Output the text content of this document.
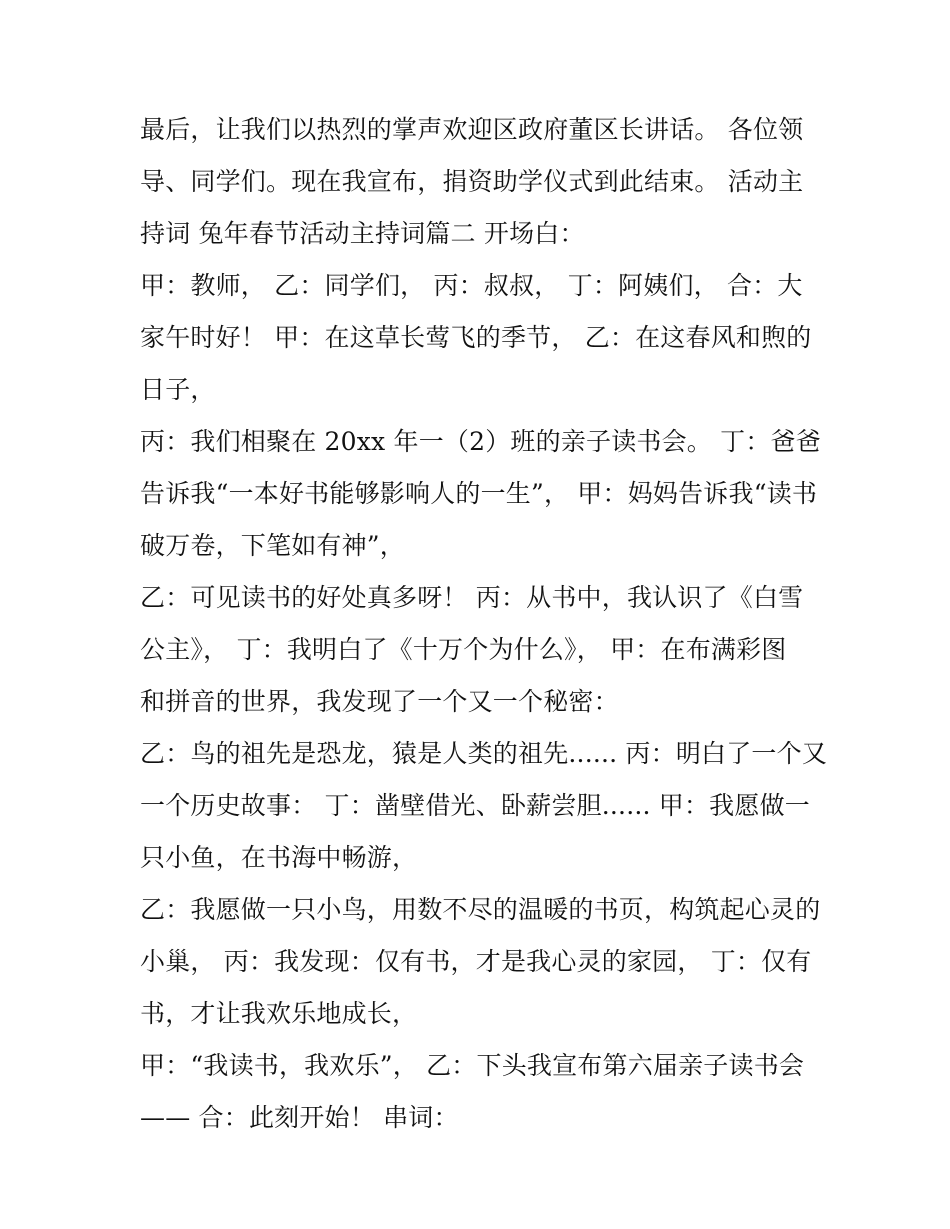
最后，让我们以热烈的掌声欢迎区政府董区长讲话。 各位领
导、同学们。现在我宣布，捐资助学仪式到此结束。 活动主
持词 兔年春节活动主持词篇二 开场白：
甲：教师， 乙：同学们， 丙：叔叔， 丁：阿姨们， 合：大
家午时好！ 甲：在这草长莺飞的季节， 乙：在这春风和煦的
日子，
丙：我们相聚在 20xx 年一（2）班的亲子读书会。 丁：爸爸
告诉我“一本好书能够影响人的一生”， 甲：妈妈告诉我“读书
破万卷，下笔如有神”，
乙：可见读书的好处真多呀！ 丙：从书中，我认识了《白雪
公主》， 丁：我明白了《十万个为什么》， 甲：在布满彩图
和拼音的世界，我发现了一个又一个秘密：
乙：鸟的祖先是恐龙，猿是人类的祖先...... 丙：明白了一个又
一个历史故事： 丁：凿壁借光、卧薪尝胆...... 甲：我愿做一
只小鱼，在书海中畅游，
乙：我愿做一只小鸟，用数不尽的温暖的书页，构筑起心灵的
小巢， 丙：我发现：仅有书，才是我心灵的家园， 丁：仅有
书，才让我欢乐地成长，
甲：“我读书，我欢乐”， 乙：下头我宣布第六届亲子读书会
—— 合：此刻开始！ 串词：
